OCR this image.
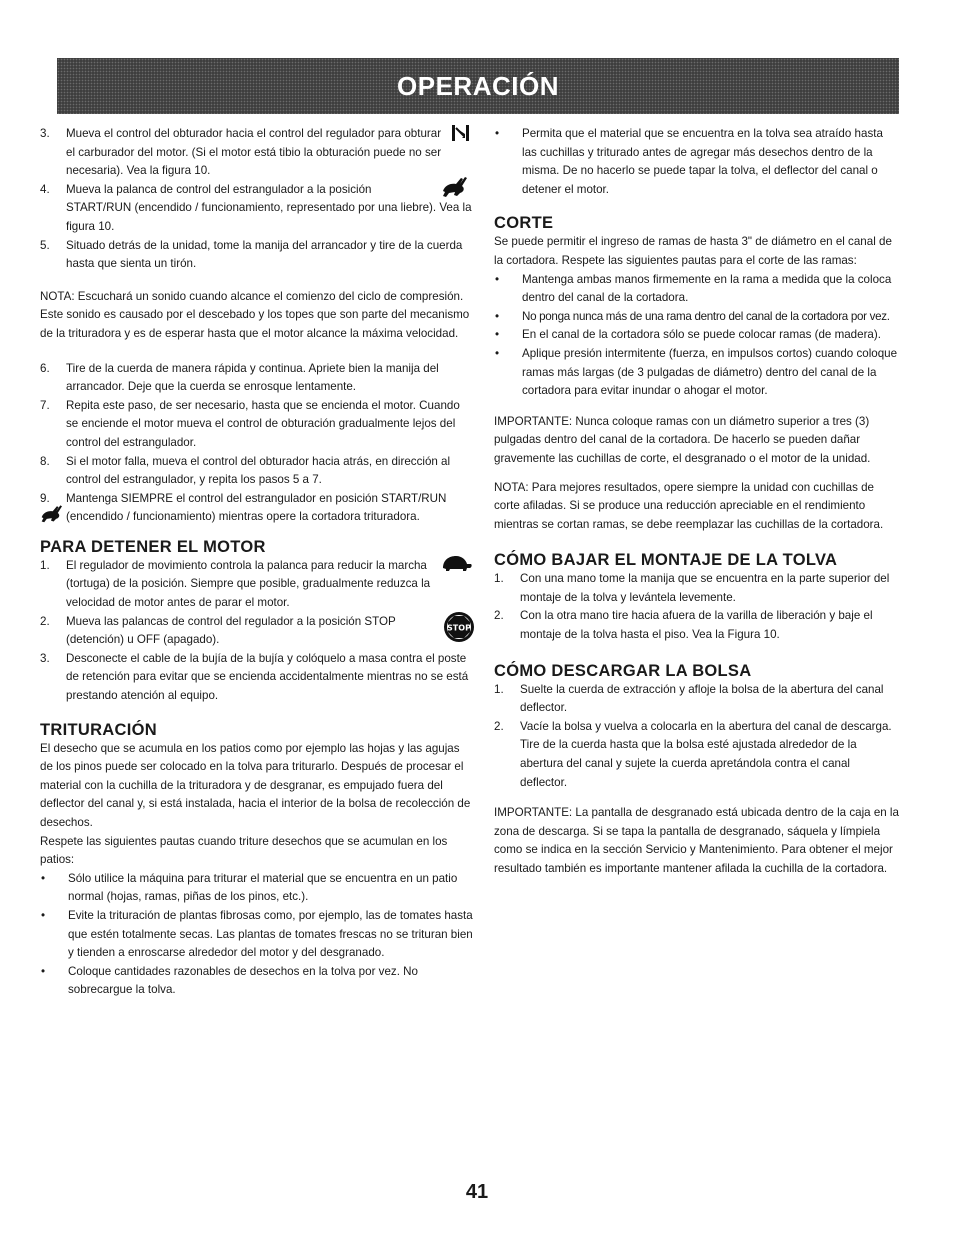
OPERACIÓN
3.	Mueva el control del obturador hacia el control del regulador para obturar el carburador del motor. (Si el motor está tibio la obturación puede no ser necesaria). Vea la figura 10.
4.	Mueva la palanca de control del estrangulador a la posición START/RUN (encendido / funcionamiento, representado por una liebre). Vea la figura 10.
5.	Situado detrás de la unidad, tome la manija del arrancador y tire de la cuerda hasta que sienta un tirón.

NOTA: Escuchará un sonido cuando alcance el comienzo del ciclo de compresión. Este sonido es causado por el descebado y los topes que son parte del mecanismo de la trituradora y es de esperar hasta que el motor alcance la máxima velocidad.

6.	Tire de la cuerda de manera rápida y continua. Apriete bien la manija del arrancador. Deje que la cuerda se enrosque lentamente.
7.	Repita este paso, de ser necesario, hasta que se encienda el motor. Cuando se enciende el motor mueva el control de obturación gradualmente lejos del control del estrangulador.
8.	Si el motor falla, mueva el control del obturador hacia atrás, en dirección al control del estrangulador, y repita los pasos 5 a 7.
9.	Mantenga SIEMPRE el control del estrangulador en posición START/RUN (encendido / funcionamiento) mientras opere la cortadora trituradora.
PARA DETENER EL MOTOR
1.	El regulador de movimiento controla la palanca para reducir la marcha (tortuga) de la posición. Siempre que posible, gradualmente reduzca la velocidad de motor antes de parar el motor.
2.	STOP
Mueva las palancas de control del regulador a la posición STOP (detención) u OFF (apagado).
3.	Desconecte el cable de la bujía de la bujía y colóquelo a masa contra el poste de retención para evitar que se encienda accidentalmente mientras no se está prestando atención al equipo.
TRITURACIÓN

El desecho que se acumula en los patios como por ejemplo las hojas y las agujas de los pinos puede ser colocado en la tolva para triturarlo. Después de procesar el material con la cuchilla de la trituradora y de desgranar, es empujado fuera del deflector del canal y, si está instalada, hacia el interior de la bolsa de recolección de desechos.

Respete las siguientes pautas cuando triture desechos que se acumulan en los patios:

• Sólo utilice la máquina para triturar el material que se encuentra en un patio normal (hojas, ramas, piñas de los pinos, etc.).
• Evite la trituración de plantas fibrosas como, por ejemplo, las de tomates hasta que estén totalmente secas. Las plantas de tomates frescas no se trituran bien y tienden a enroscarse alrededor del motor y del desgranado.
• Coloque cantidades razonables de desechos en la tolva por vez. No sobrecargue la tolva.
• Permita que el material que se encuentra en la tolva sea atraído hasta las cuchillas y triturado antes de agregar más desechos dentro de la misma. De no hacerlo se puede tapar la tolva, el deflector del canal o detener el motor.
CORTE

Se puede permitir el ingreso de ramas de hasta 3" de diámetro en el canal de la cortadora. Respete las siguientes pautas para el corte de las ramas:

• Mantenga ambas manos firmemente en la rama a medida que la coloca dentro del canal de la cortadora.
• No ponga nunca más de una rama dentro del canal de la cortadora por vez.
• En el canal de la cortadora sólo se puede colocar ramas (de madera).
• Aplique presión intermitente (fuerza, en impulsos cortos) cuando coloque ramas más largas (de 3 pulgadas de diámetro) dentro del canal de la cortadora para evitar inundar o ahogar el motor.

IMPORTANTE: Nunca coloque ramas con un diámetro superior a tres (3) pulgadas dentro del canal de la cortadora. De hacerlo se pueden dañar gravemente las cuchillas de corte, el desgranado o el motor de la unidad.

NOTA: Para mejores resultados, opere siempre la unidad con cuchillas de corte afiladas. Si se produce una reducción apreciable en el rendimiento mientras se cortan ramas, se debe reemplazar las cuchillas de la cortadora.

CÓMO BAJAR EL MONTAJE DE LA TOLVA
1.	Con una mano tome la manija que se encuentra en la parte superior del montaje de la tolva y levántela levemente.
2.	Con la otra mano tire hacia afuera de la varilla de liberación y baje el montaje de la tolva hasta el piso. Vea la Figura 10.
CÓMO DESCARGAR LA BOLSA
1.	Suelte la cuerda de extracción y afloje la bolsa de la abertura del canal deflector.
2.	Vacíe la bolsa y vuelva a colocarla en la abertura del canal de descarga. Tire de la cuerda hasta que la bolsa esté ajustada alrededor de la abertura del canal y sujete la cuerda apretándola contra el canal deflector.

IMPORTANTE: La pantalla de desgranado está ubicada dentro de la caja en la zona de descarga. Si se tapa la pantalla de desgranado, sáquela y límpiela como se indica en la sección Servicio y Mantenimiento. Para obtener el mejor resultado también es importante mantener afilada la cuchilla de la cortadora.

41
